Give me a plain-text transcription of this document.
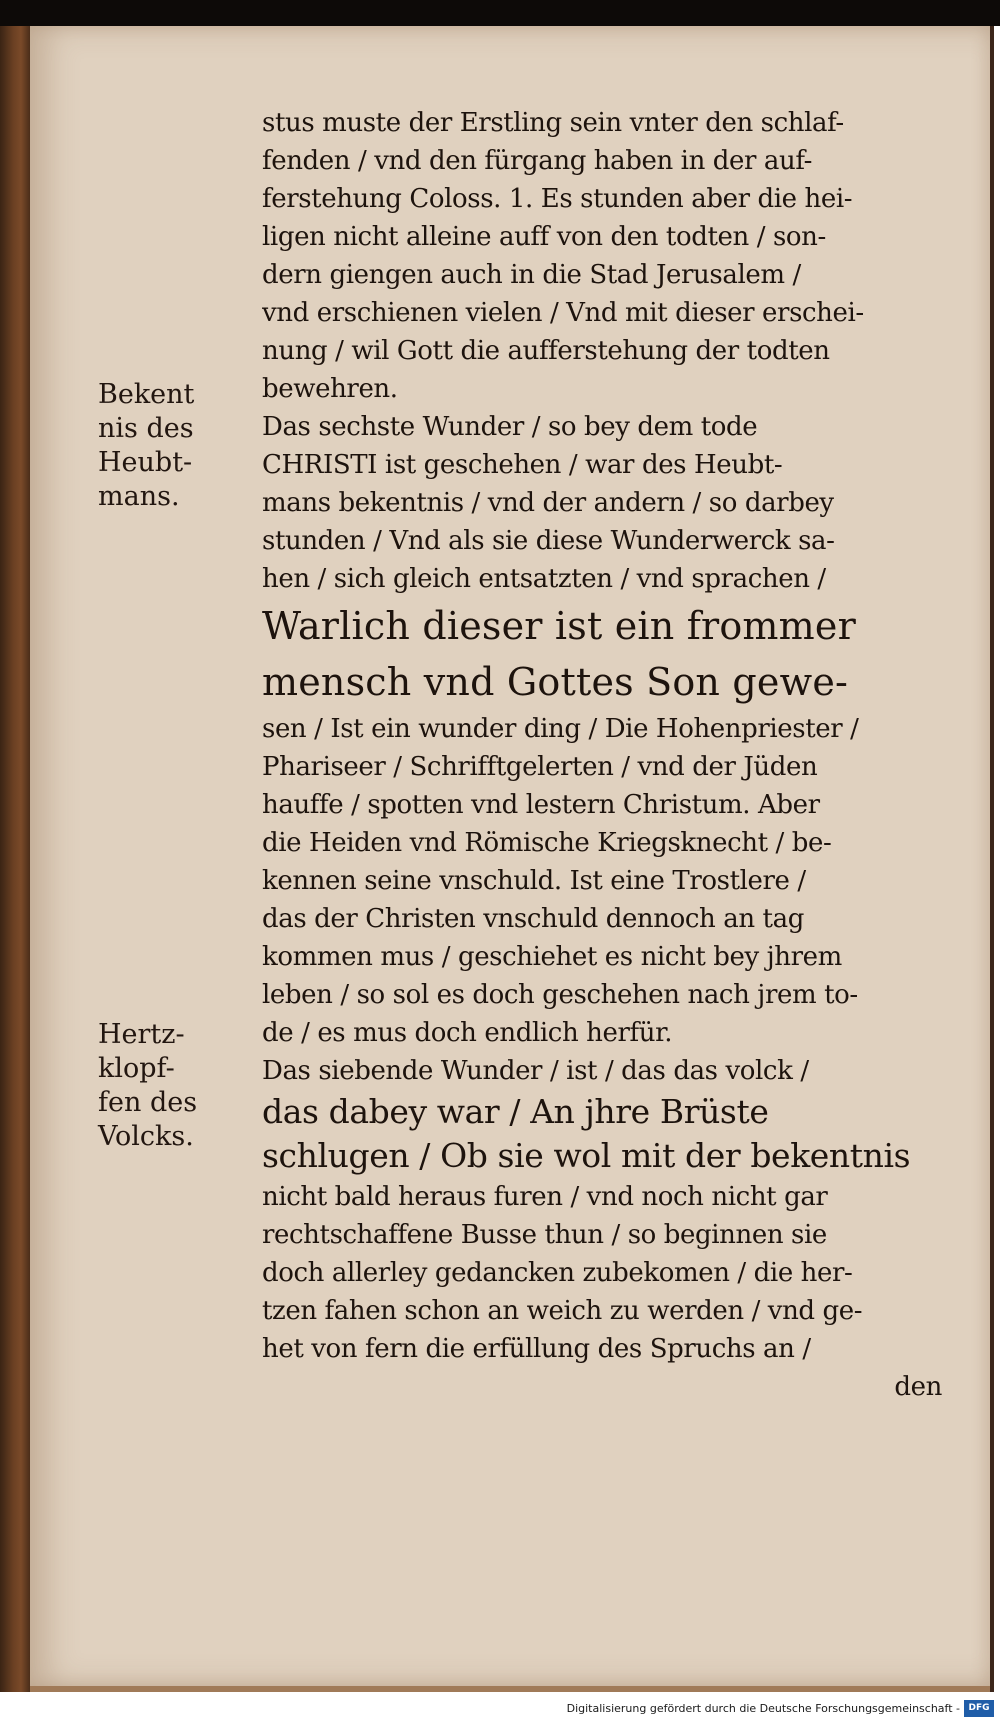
Bekent
nis des
Heubt-
mans.
Hertz-
klopf-
fen des
Volcks.
stus muste der Erstling sein vnter den schlaf-
fenden / vnd den fürgang haben in der auf-
ferstehung Coloss. 1. Es stunden aber die hei-
ligen nicht alleine auff von den todten / son-
dern giengen auch in die Stad Jerusalem /
vnd erschienen vielen / Vnd mit dieser erschei-
nung / wil Gott die aufferstehung der todten
bewehren.
Das sechste Wunder / so bey dem tode
CHRISTI ist geschehen / war des Heubt-
mans bekentnis / vnd der andern / so darbey
stunden / Vnd als sie diese Wunderwerck sa-
hen / sich gleich entsatzten / vnd sprachen /
Warlich dieser ist ein frommer
mensch vnd Gottes Son gewe-
sen / Ist ein wunder ding / Die Hohenpriester /
Phariseer / Schrifftgelerten / vnd der Jüden
hauffe / spotten vnd lestern Christum. Aber
die Heiden vnd Römische Kriegsknecht / be-
kennen seine vnschuld. Ist eine Trostlere /
das der Christen vnschuld dennoch an tag
kommen mus / geschiehet es nicht bey jhrem
leben / so sol es doch geschehen nach jrem to-
de / es mus doch endlich herfür.
Das siebende Wunder / ist / das das volck /
das dabey war / An jhre Brüste
schlugen / Ob sie wol mit der bekentnis
nicht bald heraus furen / vnd noch nicht gar
rechtschaffene Busse thun / so beginnen sie
doch allerley gedancken zubekomen / die her-
tzen fahen schon an weich zu werden / vnd ge-
het von fern die erfüllung des Spruchs an /
den
Digitalisierung gefördert durch die Deutsche Forschungsgemeinschaft - DFG
